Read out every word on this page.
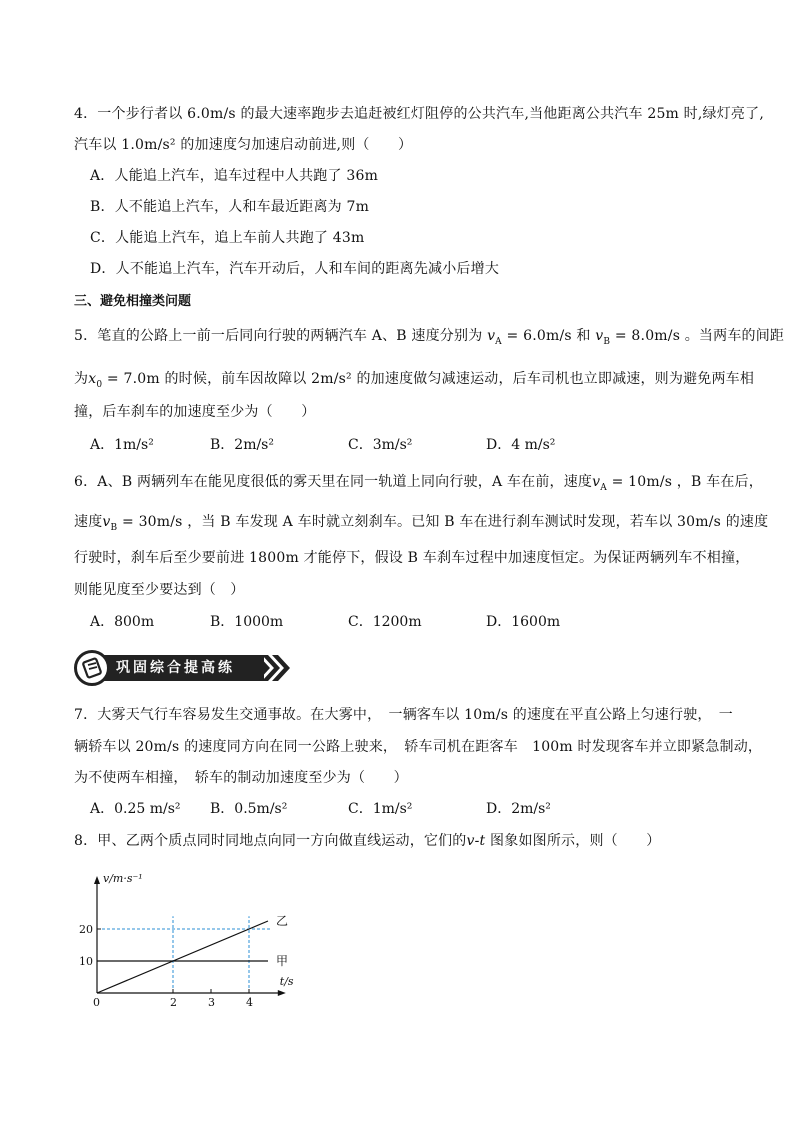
4．一个步行者以 6.0m/s 的最大速率跑步去追赶被红灯阻停的公共汽车,当他距离公共汽车 25m 时,绿灯亮了,
汽车以 1.0m/s² 的加速度匀加速启动前进,则（　　）
A．人能追上汽车，追车过程中人共跑了 36m
B．人不能追上汽车，人和车最近距离为 7m
C．人能追上汽车，追上车前人共跑了 43m
D．人不能追上汽车，汽车开动后，人和车间的距离先减小后增大
三、避免相撞类问题
5．笔直的公路上一前一后同向行驶的两辆汽车 A、B 速度分别为 $v_A = 6.0m/s$ 和 $v_B = 8.0m/s$ 。当两车的间距
为$x_0 = 7.0m$ 的时候，前车因故障以 2m/s² 的加速度做匀减速运动，后车司机也立即减速，则为避免两车相
撞，后车刹车的加速度至少为（　　）
A．1m/s²	B．2m/s²	C．3m/s²	D．4 m/s²
6．A、B 两辆列车在能见度很低的雾天里在同一轨道上同向行驶，A 车在前，速度$v_A = 10m/s$ ，B 车在后，
速度$v_B = 30m/s$ ，当 B 车发现 A 车时就立刻刹车。已知 B 车在进行刹车测试时发现，若车以 30m/s 的速度
行驶时，刹车后至少要前进 1800m 才能停下，假设 B 车刹车过程中加速度恒定。为保证两辆列车不相撞，
则能见度至少要达到（　）
A．800m	B．1000m	C．1200m	D．1600m
巩固综合提高练
7．大雾天气行车容易发生交通事故。在大雾中，　一辆客车以 10m/s 的速度在平直公路上匀速行驶，　一
辆轿车以 20m/s 的速度同方向在同一公路上驶来，　轿车司机在距客车　100m 时发现客车并立即紧急制动，
为不使两车相撞，　轿车的制动加速度至少为（　　）
A．0.25 m/s² B．0.5m/s²	C．1m/s²	D．2m/s²
8．甲、乙两个质点同时同地点向同一方向做直线运动，它们的v-t 图象如图所示，则（　　）
甲
乙
0	2	3	4
10
20
v/m·s⁻¹
t/s
